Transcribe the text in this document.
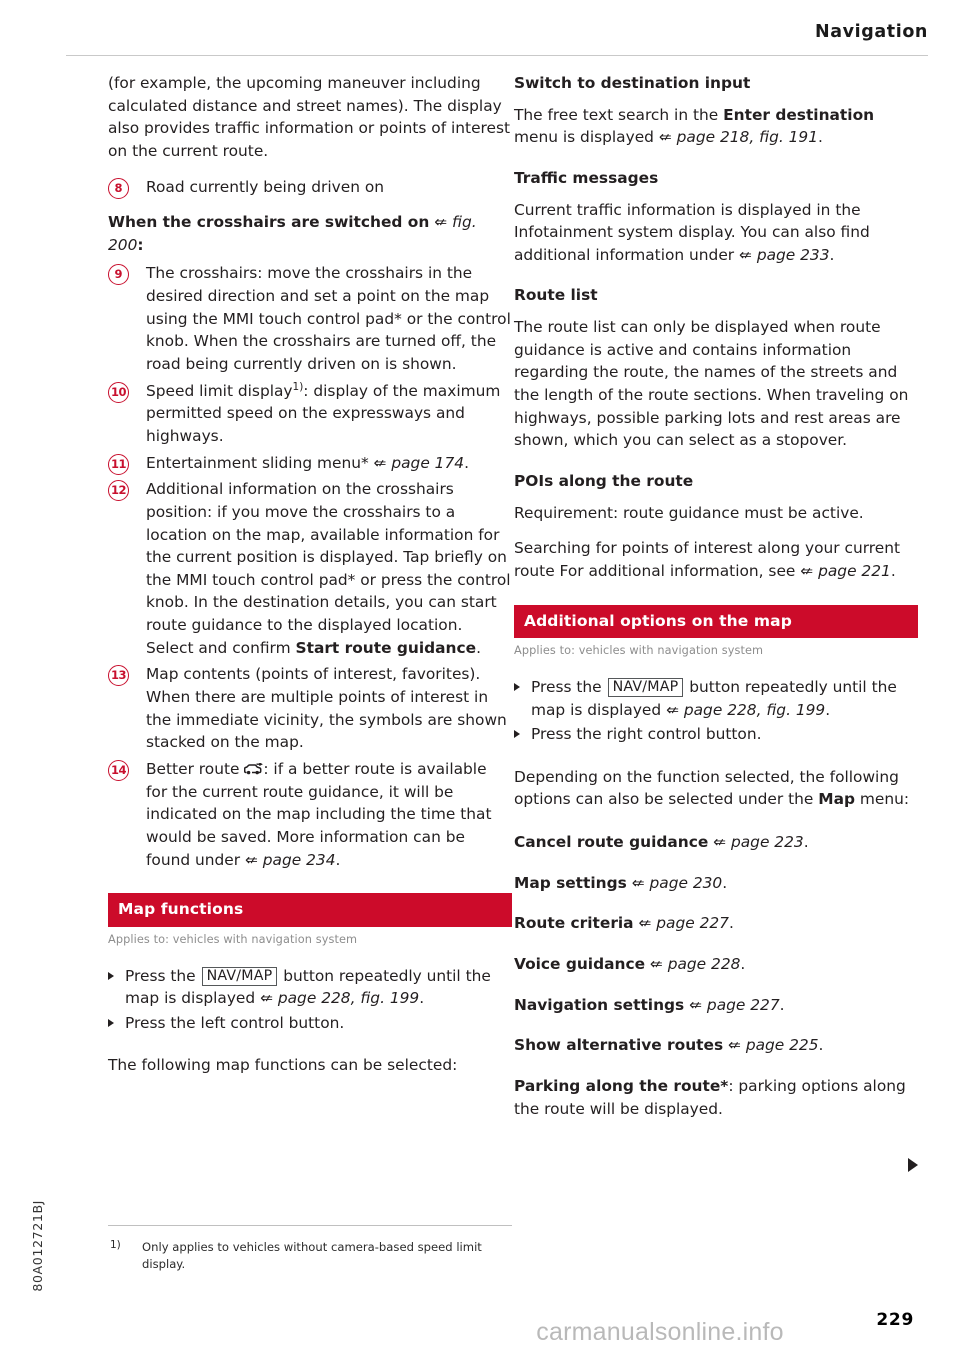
Navigation

(for example, the upcoming maneuver including calculated distance and street names). The display also provides traffic information or points of interest on the current route.

8	Road currently being driven on

When the crosshairs are switched on ⇍ fig. 200:

9	The crosshairs: move the crosshairs in the desired direction and set a point on the map using the MMI touch control pad* or the control knob. When the crosshairs are turned off, the road being currently driven on is shown.
10 Speed limit display$^{1)}$: display of the maximum permitted speed on the expressways and highways.
11 Entertainment sliding menu* ⇍ page 174.
12 Additional information on the crosshairs position: if you move the crosshairs to a location on the map, available information for the current position is displayed. Tap briefly on the MMI touch control pad* or press the control knob. In the destination details, you can start route guidance to the displayed location. Select and confirm Start route guidance.
13 Map contents (points of interest, favorites). When there are multiple points of interest in the immediate vicinity, the symbols are shown stacked on the map.
14 Better route
: if a better route is available for the current route guidance, it will be indicated on the map including the time that would be saved. More information can be found under ⇍ page 234.
Map functions
Applies to: vehicles with navigation system
Press the NAV/MAP button repeatedly until the map is displayed ⇍ page 228, fig. 199.
Press the left control button.

The following map functions can be selected:

Switch to destination input

The free text search in the Enter destination menu is displayed ⇍ page 218, fig. 191.

Traffic messages

Current traffic information is displayed in the Infotainment system display. You can also find additional information under ⇍ page 233.

Route list

The route list can only be displayed when route guidance is active and contains information regarding the route, the names of the streets and the length of the route sections. When traveling on highways, possible parking lots and rest areas are shown, which you can select as a stopover.

POIs along the route

Requirement: route guidance must be active.

Searching for points of interest along your current route For additional information, see ⇍ page 221.

Additional options on the map
Applies to: vehicles with navigation system
Press the NAV/MAP button repeatedly until the map is displayed ⇍ page 228, fig. 199.
Press the right control button.

Depending on the function selected, the following options can also be selected under the Map menu:

Cancel route guidance ⇍ page 223.

Map settings ⇍ page 230.

Route criteria ⇍ page 227.

Voice guidance ⇍ page 228.

Navigation settings ⇍ page 227.

Show alternative routes ⇍ page 225.

Parking along the route*: parking options along the route will be displayed.

1) Only applies to vehicles without camera-based speed limit display.
80A012721BJ
229
carmanualsonline.info
